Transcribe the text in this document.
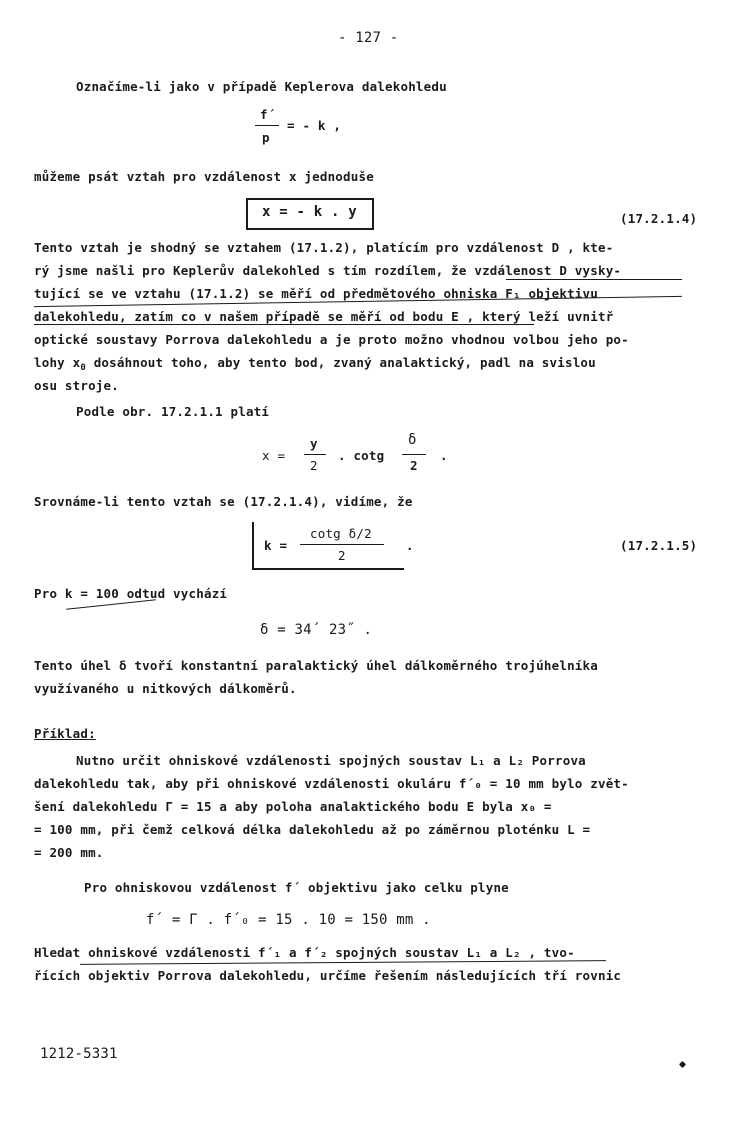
- 127 -
Označíme-li jako v případě Keplerova dalekohledu
f´
p
= - k ,
můžeme psát vztah pro vzdálenost x jednoduše
x = - k . y	(17.2.1.4)
Tento vztah je shodný se vztahem (17.1.2), platícím pro vzdálenost D , kte-
rý jsme našli pro Keplerův dalekohled s tím rozdílem, že vzdálenost D vysky-
tující se ve vztahu (17.1.2) se měří od předmětového ohniska F₁ objektivu
dalekohledu, zatím co v našem případě se měří od bodu E , který leží uvnitř
optické soustavy Porrova dalekohledu a je proto možno vhodnou volbou jeho po-
lohy $x_0$ dosáhnout toho, aby tento bod, zvaný analaktický, padl na svislou
osu stroje.
Podle obr. 17.2.1.1 platí
x =
y
2
. cotg
δ
2
.
Srovnáme-li tento vztah se (17.2.1.4), vidíme, že
k =
cotg δ/2
2
.	(17.2.1.5)
Pro k = 100 odtud vychází
δ = 34´ 23˝ .
Tento úhel δ tvoří konstantní paralaktický úhel dálkoměrného trojúhelníka
využívaného u nitkových dálkoměrů.
Příklad:
Nutno určit ohniskové vzdálenosti spojných soustav L₁ a L₂ Porrova
dalekohledu tak, aby při ohniskové vzdálenosti okuláru f´₀ = 10 mm bylo zvět-
šení dalekohledu Γ = 15 a aby poloha analaktického bodu E byla x₀ =
= 100 mm, při čemž celková délka dalekohledu až po záměrnou ploténku L =
= 200 mm.
Pro ohniskovou vzdálenost f´ objektivu jako celku plyne
f´ = Γ . f´₀ = 15 . 10 = 150 mm .
Hledat ohniskové vzdálenosti f´₁ a f´₂ spojných soustav L₁ a L₂ , tvo-
řících objektiv Porrova dalekohledu, určíme řešením následujících tří rovnic
1212-5331
